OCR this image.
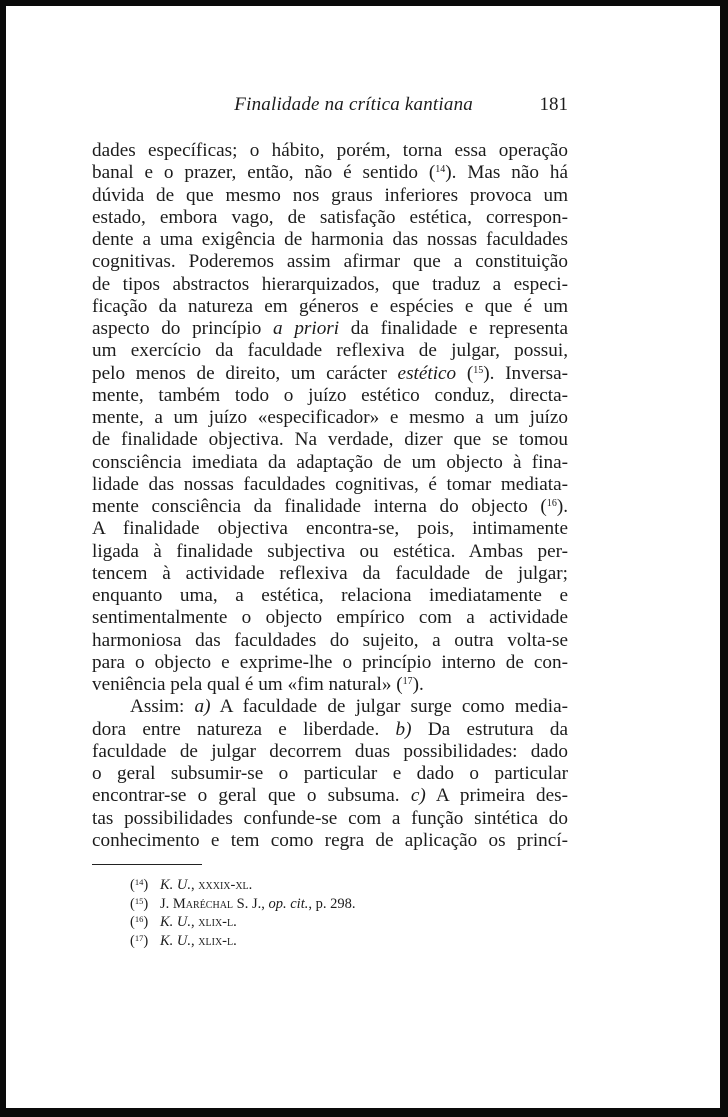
Finalidade na crítica kantiana	181
dades específicas; o hábito, porém, torna essa operação
banal e o prazer, então, não é sentido ($^{14}$). Mas não há
dúvida de que mesmo nos graus inferiores provoca um
estado, embora vago, de satisfação estética, correspon-
dente a uma exigência de harmonia das nossas faculdades
cognitivas. Poderemos assim afirmar que a constituição
de tipos abstractos hierarquizados, que traduz a especi-
ficação da natureza em géneros e espécies e que é um
aspecto do princípio a priori da finalidade e representa
um exercício da faculdade reflexiva de julgar, possui,
pelo menos de direito, um carácter estético ($^{15}$). Inversa-
mente, também todo o juízo estético conduz, directa-
mente, a um juízo «especificador» e mesmo a um juízo
de finalidade objectiva. Na verdade, dizer que se tomou
consciência imediata da adaptação de um objecto à fina-
lidade das nossas faculdades cognitivas, é tomar mediata-
mente consciência da finalidade interna do objecto ($^{16}$).
A finalidade objectiva encontra-se, pois, intimamente
ligada à finalidade subjectiva ou estética. Ambas per-
tencem à actividade reflexiva da faculdade de julgar;
enquanto uma, a estética, relaciona imediatamente e
sentimentalmente o objecto empírico com a actividade
harmoniosa das faculdades do sujeito, a outra volta-se
para o objecto e exprime-lhe o princípio interno de con-
veniência pela qual é um «fim natural» ($^{17}$).
Assim: a) A faculdade de julgar surge como media-
dora entre natureza e liberdade. b) Da estrutura da
faculdade de julgar decorrem duas possibilidades: dado
o geral subsumir-se o particular e dado o particular
encontrar-se o geral que o subsuma. c) A primeira des-
tas possibilidades confunde-se com a função sintética do
conhecimento e tem como regra de aplicação os princí-
($^{14}$) K. U., xxxix-xl.
($^{15}$) J. Maréchal S. J., op. cit., p. 298.
($^{16}$) K. U., xlix-l.
($^{17}$) K. U., xlix-l.
